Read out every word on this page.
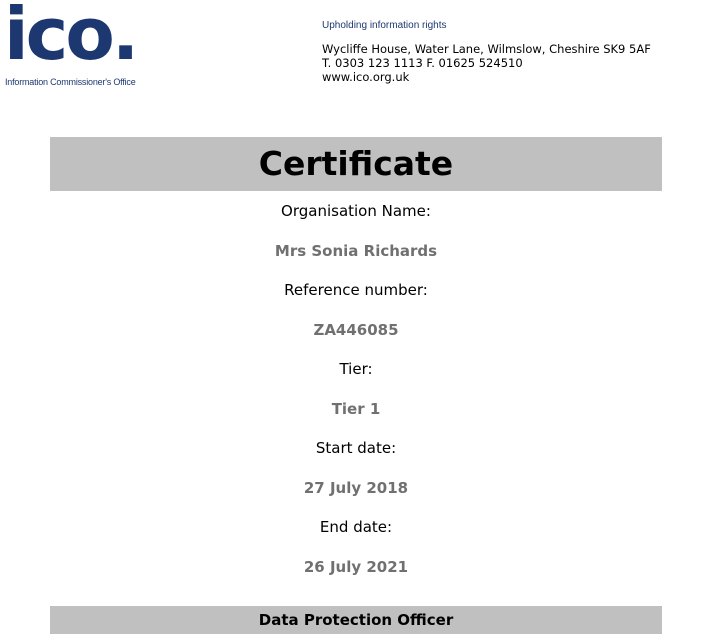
ico.
Information Commissioner's Office
Upholding information rights
Wycliffe House, Water Lane, Wilmslow, Cheshire SK9 5AF
T. 0303 123 1113 F. 01625 524510
www.ico.org.uk
Certificate
Organisation Name:
Mrs Sonia Richards
Reference number:
ZA446085
Tier:
Tier 1
Start date:
27 July 2018
End date:
26 July 2021
Data Protection Officer
